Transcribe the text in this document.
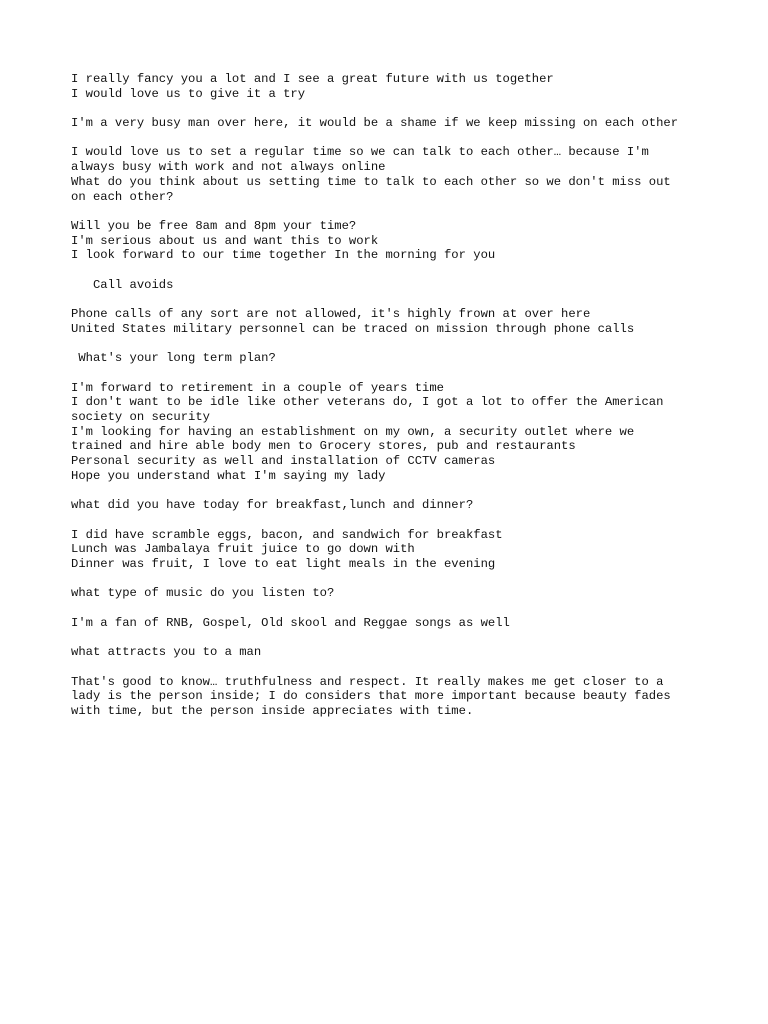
I really fancy you a lot and I see a great future with us together
I would love us to give it a try
I'm a very busy man over here, it would be a shame if we keep missing on each other
I would love us to set a regular time so we can talk to each other… because I'm
always busy with work and not always online
What do you think about us setting time to talk to each other so we don't miss out
on each other?
Will you be free 8am and 8pm your time?
I'm serious about us and want this to work
I look forward to our time together In the morning for you
Call avoids
Phone calls of any sort are not allowed, it's highly frown at over here
United States military personnel can be traced on mission through phone calls
What's your long term plan?
I'm forward to retirement in a couple of years time
I don't want to be idle like other veterans do, I got a lot to offer the American
society on security
I'm looking for having an establishment on my own, a security outlet where we
trained and hire able body men to Grocery stores, pub and restaurants
Personal security as well and installation of CCTV cameras
Hope you understand what I'm saying my lady
what did you have today for breakfast,lunch and dinner?
I did have scramble eggs, bacon, and sandwich for breakfast
Lunch was Jambalaya fruit juice to go down with
Dinner was fruit, I love to eat light meals in the evening
what type of music do you listen to?
I'm a fan of RNB, Gospel, Old skool and Reggae songs as well
what attracts you to a man
That's good to know… truthfulness and respect. It really makes me get closer to a
lady is the person inside; I do considers that more important because beauty fades
with time, but the person inside appreciates with time.
